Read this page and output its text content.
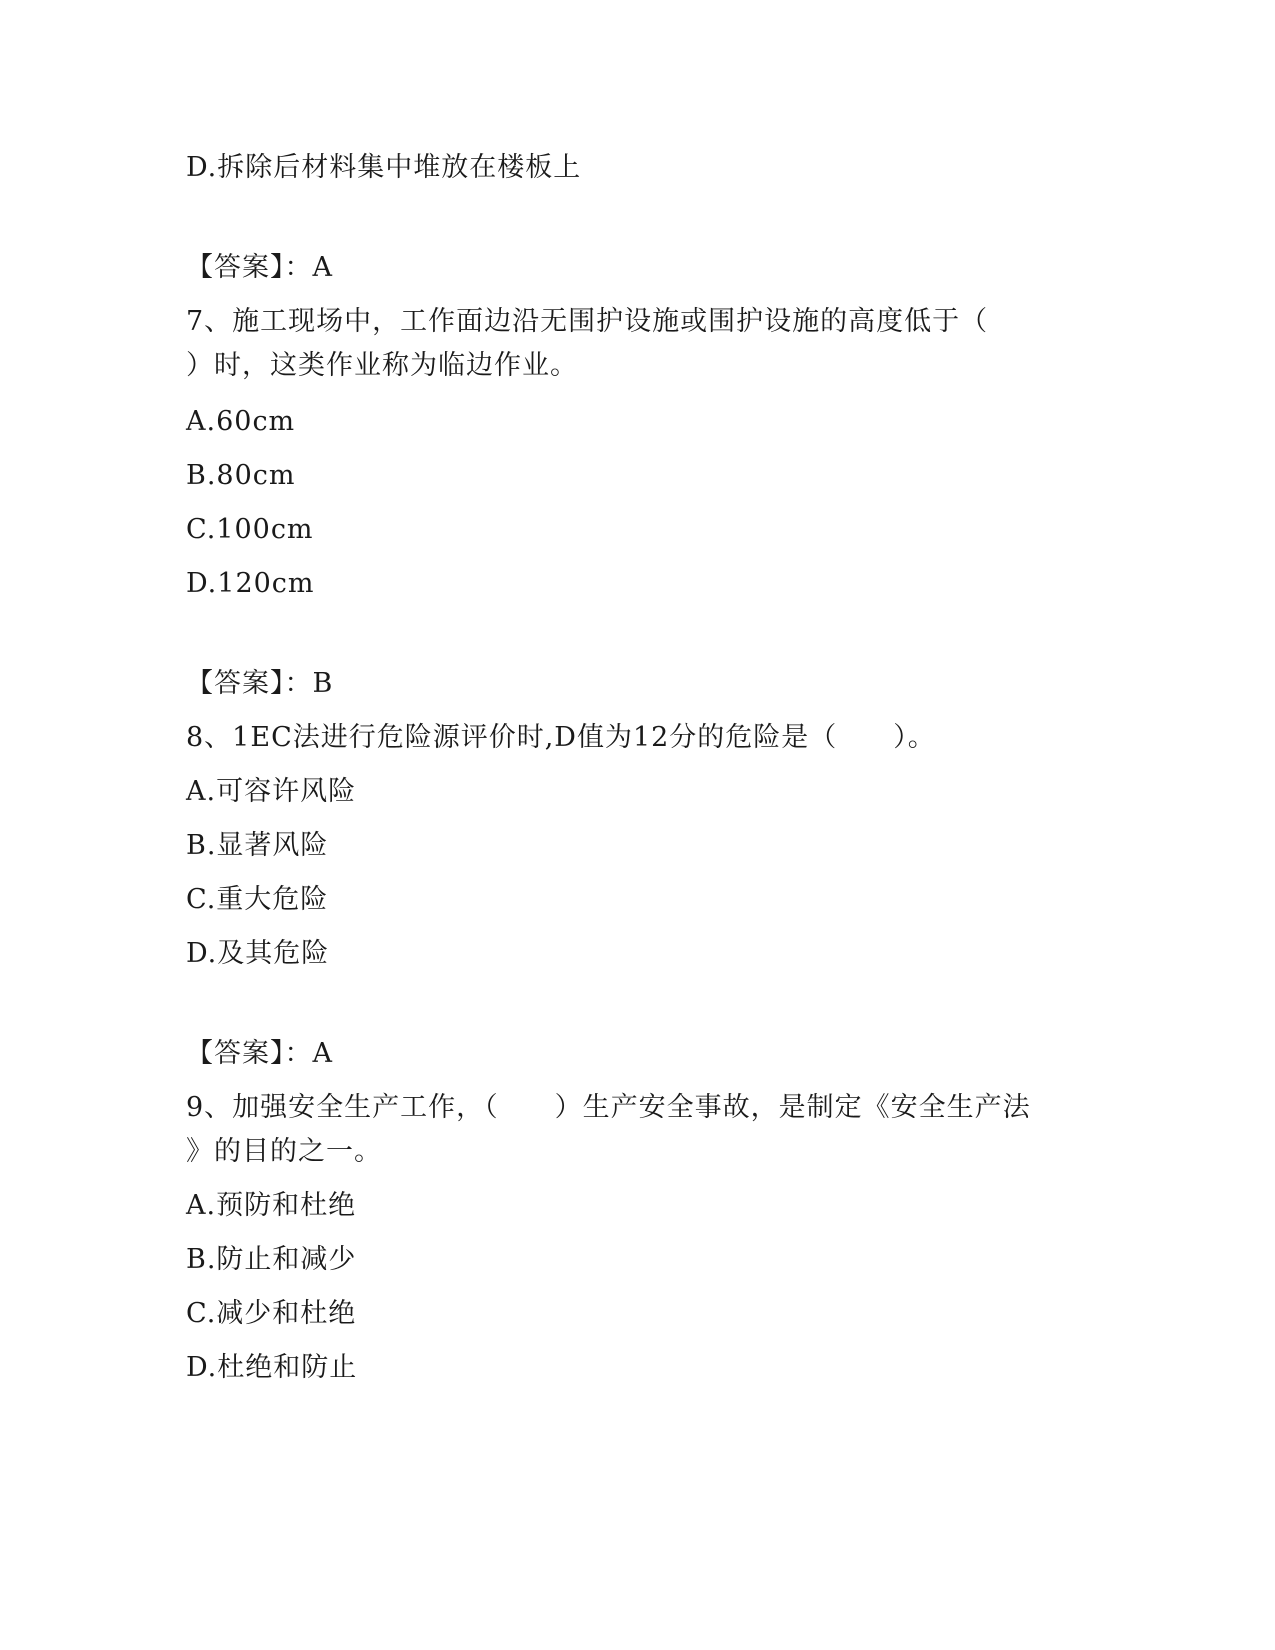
D.拆除后材料集中堆放在楼板上
【答案】：A
7、施工现场中，工作面边沿无围护设施或围护设施的高度低于（
）时，这类作业称为临边作业。
A.60cm
B.80cm
C.100cm
D.120cm
【答案】：B
8、1EC法进行危险源评价时,D值为12分的危险是（　　）。
A.可容许风险
B.显著风险
C.重大危险
D.及其危险
【答案】：A
9、加强安全生产工作，（　　）生产安全事故，是制定《安全生产法
》的目的之一。
A.预防和杜绝
B.防止和减少
C.减少和杜绝
D.杜绝和防止
